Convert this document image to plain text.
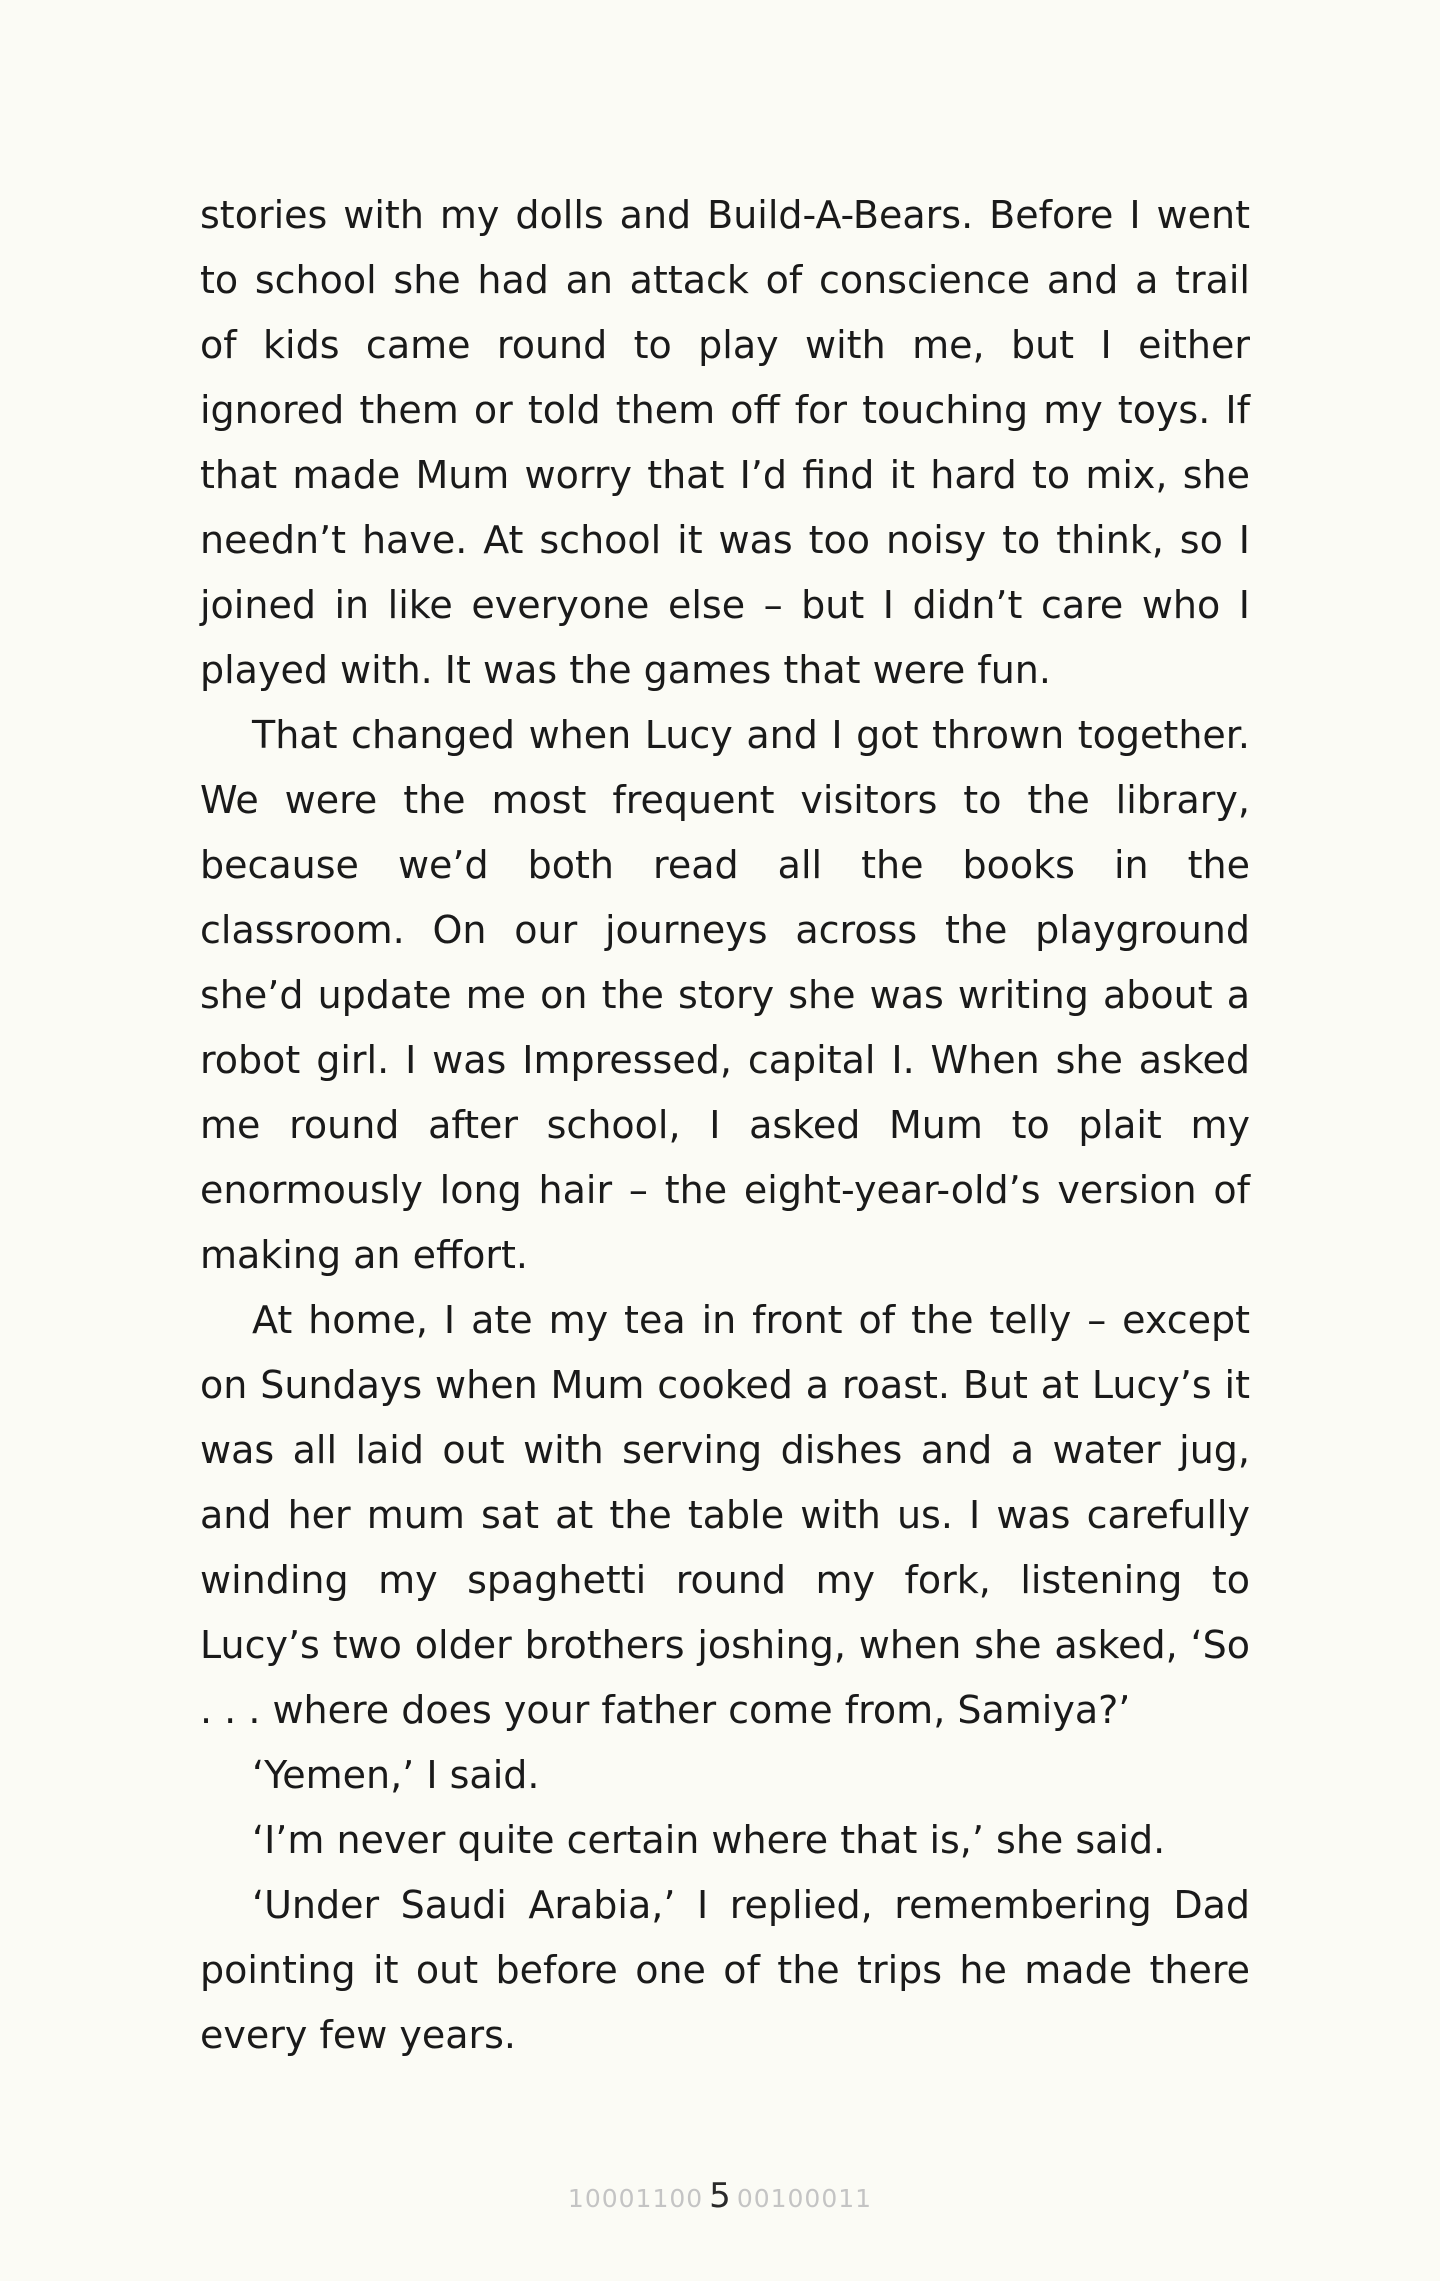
stories with my dolls and Build-A-Bears. Before I went to school she had an attack of conscience and a trail of kids came round to play with me, but I either ignored them or told them off for touching my toys. If that made Mum worry that I’d find it hard to mix, she needn’t have. At school it was too noisy to think, so I joined in like everyone else – but I didn’t care who I played with. It was the games that were fun.

That changed when Lucy and I got thrown together. We were the most frequent visitors to the library, because we’d both read all the books in the classroom. On our journeys across the playground she’d update me on the story she was writing about a robot girl. I was Impressed, capital I. When she asked me round after school, I asked Mum to plait my enormously long hair – the eight-year-old’s version of making an effort.

At home, I ate my tea in front of the telly – except on Sundays when Mum cooked a roast. But at Lucy’s it was all laid out with serving dishes and a water jug, and her mum sat at the table with us. I was carefully winding my spaghetti round my fork, listening to Lucy’s two older brothers joshing, when she asked, ‘So . . . where does your father come from, Samiya?’

‘Yemen,’ I said.

‘I’m never quite certain where that is,’ she said.

‘Under Saudi Arabia,’ I replied, remembering Dad pointing it out before one of the trips he made there every few years.

10001100 5 00100011
